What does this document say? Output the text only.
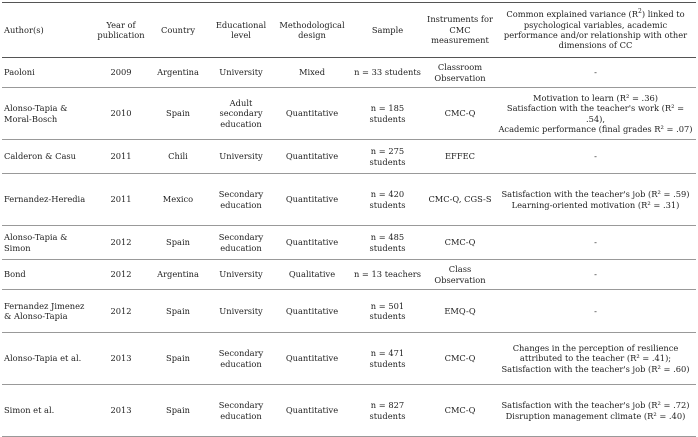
Author(s)	Year of publication	Country	Educational level	Methodological design	Sample	Instruments for CMC measurement	Common explained variance $(R^2)$ linked to psychological variables, academic performance and/or relationship with other dimensions of CC
Paoloni	2009	Argentina	University	Mixed	n = 33 students	Classroom Observation	-

Alonso-Tapia & Moral-Bosch	2010	Spain	Adult secondary education	Quantitative	n = 185 students	CMC-Q	Motivation to learn (R² = .36)
Satisfaction with the teacher's work (R² = .54),
Academic performance (final grades R² = .07)

Calderon & Casu	2011	Chili	University	Quantitative	n = 275 students	EFFEC	-

Fernandez-Heredia	2011	Mexico	Secondary education	Quantitative	n = 420 students	CMC-Q, CGS-S	Satisfaction with the teacher's job (R² = .59)
Learning-oriented motivation (R² = .31)

Alonso-Tapia & Simon	2012	Spain	Secondary education	Quantitative	n = 485 students	CMC-Q	-

Bond	2012	Argentina	University	Qualitative	n = 13 teachers	Class Observation	-

Fernandez Jimenez & Alonso-Tapia	2012	Spain	University	Quantitative	n = 501 students	EMQ-Q	-

Alonso-Tapia et al.	2013	Spain	Secondary education	Quantitative	n = 471 students	CMC-Q	Changes in the perception of resilience attributed to the teacher (R² = .41);
Satisfaction with the teacher's job (R² = .60)

Simon et al.	2013	Spain	Secondary education	Quantitative	n = 827 students	CMC-Q	Satisfaction with the teacher's job (R² = .72)
Disruption management climate (R² = .40)
